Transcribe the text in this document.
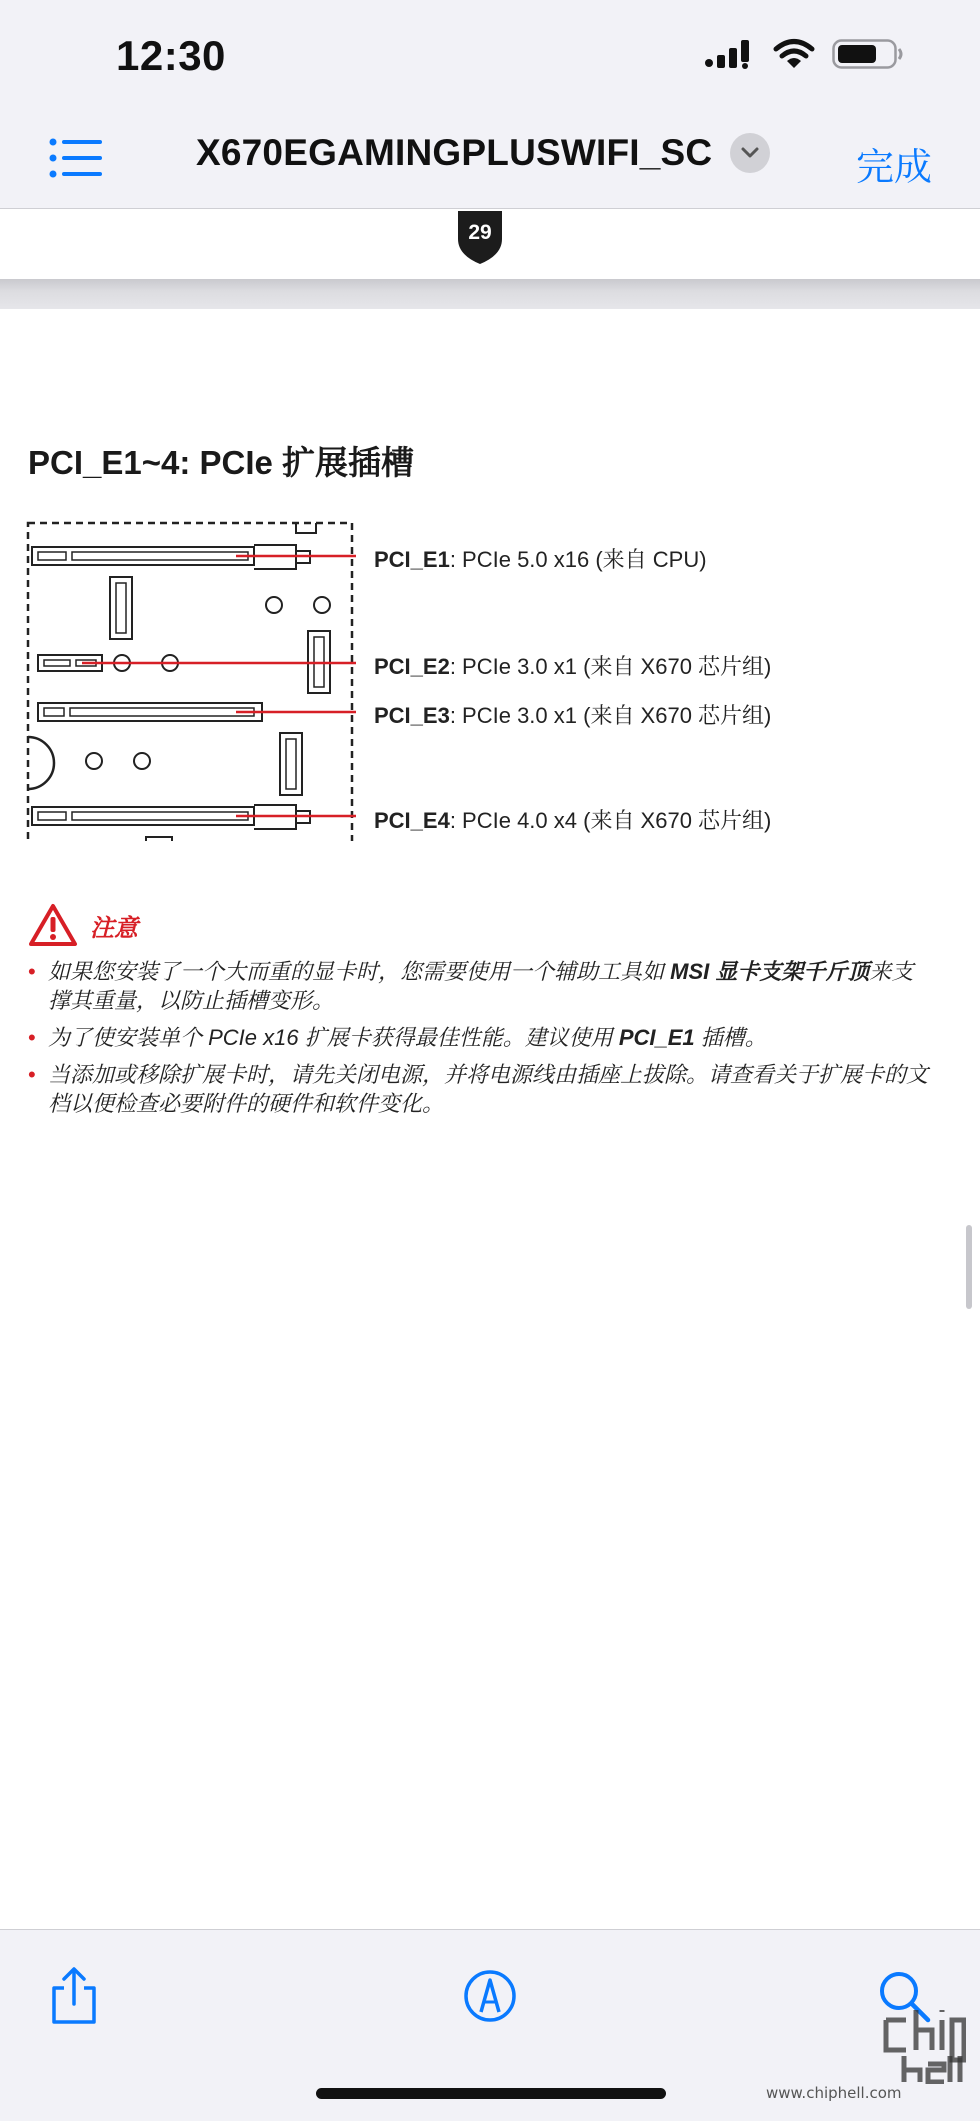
12:30
X670EGAMINGPLUSWIFI_SC	完成
29
PCI_E1~4: PCIe 扩展插槽
PCI_E1: PCIe 5.0 x16 (来自 CPU)
PCI_E2: PCIe 3.0 x1 (来自 X670 芯片组)
PCI_E3: PCIe 3.0 x1 (来自 X670 芯片组)
PCI_E4: PCIe 4.0 x4 (来自 X670 芯片组)
注意
• 如果您安装了一个大而重的显卡时，您需要使用一个辅助工具如 MSI 显卡支架千斤顶来支撑其重量，以防止插槽变形。
• 为了使安装单个 PCIe x16 扩展卡获得最佳性能。建议使用 PCI_E1 插槽。
• 当添加或移除扩展卡时，请先关闭电源，并将电源线由插座上拔除。请查看关于扩展卡的文档以便检查必要附件的硬件和软件变化。
www.chiphell.com
